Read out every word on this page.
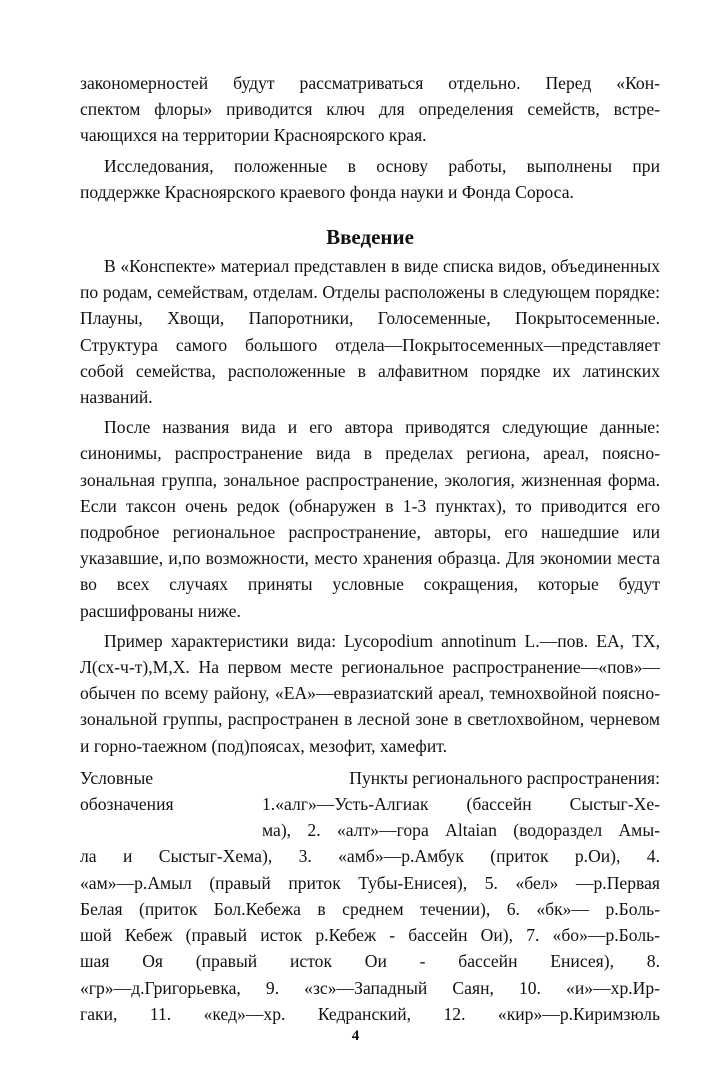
закономерностей будут рассматриваться отдельно. Перед «Кон-
спектом флоры» приводится ключ для определения семейств, встре-
чающихся на территории Красноярского края.
Исследования, положенные в основу работы, выполнены при
поддержке Красноярского краевого фонда науки и Фонда Сороса.
Введение

В «Конспекте» материал представлен в виде списка видов, объединенных по родам, семействам, отделам. Отделы расположены в следующем порядке: Плауны, Хвощи, Папоротники, Голосеменные, Покрытосеменные. Структура самого большого отдела—Покрытосеменных—представляет собой семейства, расположенные в алфавитном порядке их латинских названий.

После названия вида и его автора приводятся следующие данные: синонимы, распространение вида в пределах региона, ареал, поясно-зональная группа, зональное распространение, экология, жизненная форма. Если таксон очень редок (обнаружен в 1-3 пунктах), то приводится его подробное региональное распространение, авторы, его нашедшие или указавшие, и,по возможности, место хранения образца. Для экономии места во всех случаях приняты условные сокращения, которые будут расшифрованы ниже.

Пример характеристики вида: Lycopodium annotinum L.—пов. ЕА, ТХ, Л(сх-ч-т),М,Х. На первом месте региональное распространение—«пов»—обычен по всему району, «ЕА»—евразиатский ареал, темнохвойной поясно-зональной группы, распространен в лесной зоне в светлохвойном, черневом и горно-таежном (под)поясах, мезофит, хамефит.

Условные
обозначения
Пункты регионального распространения:
1.«алг»—Усть-Алгиак (бассейн Сыстыг-Хе-
ма), 2. «алт»—гора Altaian (водораздел Амы-
ла и Сыстыг-Хема), 3. «амб»—р.Амбук (приток р.Ои), 4.
«ам»—р.Амыл (правый приток Тубы-Енисея), 5. «бел» —р.Первая
Белая (приток Бол.Кебежа в среднем течении), 6. «бк»— р.Боль-
шой Кебеж (правый исток р.Кебеж - бассейн Ои), 7. «бо»—р.Боль-
шая Оя (правый исток Ои - бассейн Енисея), 8.
«гр»—д.Григорьевка, 9. «зс»—Западный Саян, 10. «и»—хр.Ир-
гаки, 11. «кед»—хр. Кедранский, 12. «кир»—р.Киримзюль
4
